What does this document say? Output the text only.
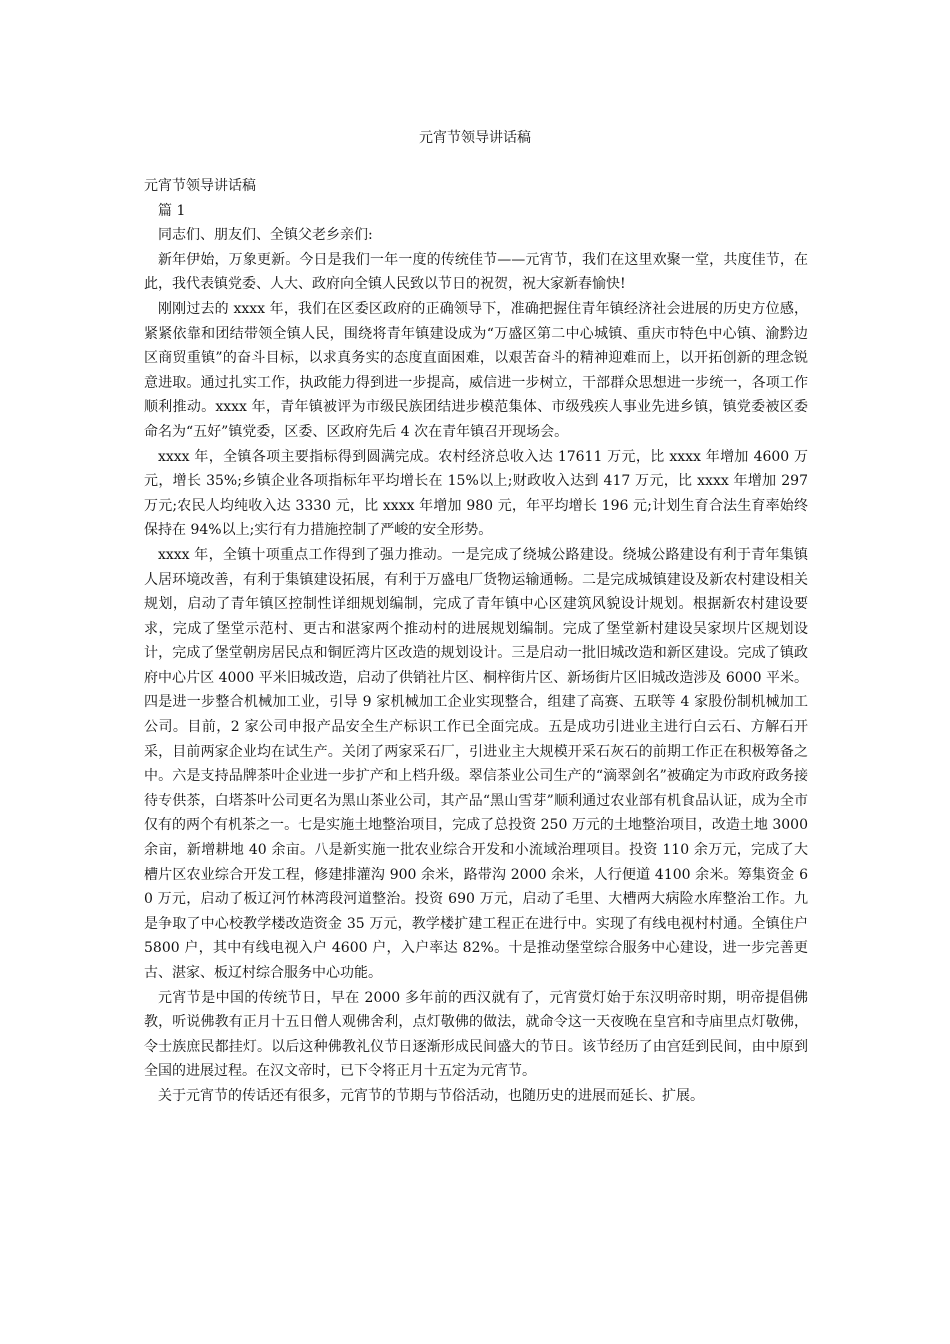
元宵节领导讲话稿

元宵节领导讲话稿

篇 1

同志们、朋友们、全镇父老乡亲们:

新年伊始，万象更新。今日是我们一年一度的传统佳节——元宵节，我们在这里欢聚一堂，共度佳节，在此，我代表镇党委、人大、政府向全镇人民致以节日的祝贺，祝大家新春愉快!

刚刚过去的 xxxx 年，我们在区委区政府的正确领导下，准确把握住青年镇经济社会进展的历史方位感，紧紧依靠和团结带领全镇人民，围绕将青年镇建设成为“万盛区第二中心城镇、重庆市特色中心镇、渝黔边区商贸重镇”的奋斗目标，以求真务实的态度直面困难，以艰苦奋斗的精神迎难而上，以开拓创新的理念锐意进取。通过扎实工作，执政能力得到进一步提高，威信进一步树立，干部群众思想进一步统一，各项工作顺利推动。xxxx 年，青年镇被评为市级民族团结进步模范集体、市级残疾人事业先进乡镇，镇党委被区委命名为“五好”镇党委，区委、区政府先后 4 次在青年镇召开现场会。

xxxx 年，全镇各项主要指标得到圆满完成。农村经济总收入达 17611 万元，比 xxxx 年增加 4600 万元，增长 35%;乡镇企业各项指标年平均增长在 15%以上;财政收入达到 417 万元，比 xxxx 年增加 297 万元;农民人均纯收入达 3330 元，比 xxxx 年增加 980 元，年平均增长 196 元;计划生育合法生育率始终保持在 94%以上;实行有力措施控制了严峻的安全形势。

xxxx 年，全镇十项重点工作得到了强力推动。一是完成了绕城公路建设。绕城公路建设有利于青年集镇人居环境改善，有利于集镇建设拓展，有利于万盛电厂货物运输通畅。二是完成城镇建设及新农村建设相关规划，启动了青年镇区控制性详细规划编制，完成了青年镇中心区建筑风貌设计规划。根据新农村建设要求，完成了堡堂示范村、更古和湛家两个推动村的进展规划编制。完成了堡堂新村建设吴家坝片区规划设计，完成了堡堂朝房居民点和铜匠湾片区改造的规划设计。三是启动一批旧城改造和新区建设。完成了镇政府中心片区 4000 平米旧城改造，启动了供销社片区、桐梓街片区、新场街片区旧城改造涉及 6000 平米。四是进一步整合机械加工业，引导 9 家机械加工企业实现整合，组建了高赛、五联等 4 家股份制机械加工公司。目前，2 家公司申报产品安全生产标识工作已全面完成。五是成功引进业主进行白云石、方解石开采，目前两家企业均在试生产。关闭了两家采石厂，引进业主大规模开采石灰石的前期工作正在积极筹备之中。六是支持品牌茶叶企业进一步扩产和上档升级。翠信茶业公司生产的“滴翠剑名”被确定为市政府政务接待专供茶，白塔茶叶公司更名为黑山茶业公司，其产品“黑山雪芽”顺利通过农业部有机食品认证，成为全市仅有的两个有机茶之一。七是实施土地整治项目，完成了总投资 250 万元的土地整治项目，改造土地 3000 余亩，新增耕地 40 余亩。八是新实施一批农业综合开发和小流域治理项目。投资 110 余万元，完成了大槽片区农业综合开发工程，修建排灌沟 900 余米，路带沟 2000 余米，人行便道 4100 余米。筹集资金 60 万元，启动了板辽河竹林湾段河道整治。投资 690 万元，启动了毛里、大槽两大病险水库整治工作。九是争取了中心校教学楼改造资金 35 万元，教学楼扩建工程正在进行中。实现了有线电视村村通。全镇住户 5800 户，其中有线电视入户 4600 户，入户率达 82%。十是推动堡堂综合服务中心建设，进一步完善更古、湛家、板辽村综合服务中心功能。

元宵节是中国的传统节日，早在 2000 多年前的西汉就有了，元宵赏灯始于东汉明帝时期，明帝提倡佛教，听说佛教有正月十五日僧人观佛舍利，点灯敬佛的做法，就命令这一天夜晚在皇宫和寺庙里点灯敬佛，令士族庶民都挂灯。以后这种佛教礼仪节日逐渐形成民间盛大的节日。该节经历了由宫廷到民间，由中原到全国的进展过程。在汉文帝时，已下令将正月十五定为元宵节。

关于元宵节的传话还有很多，元宵节的节期与节俗活动，也随历史的进展而延长、扩展。
